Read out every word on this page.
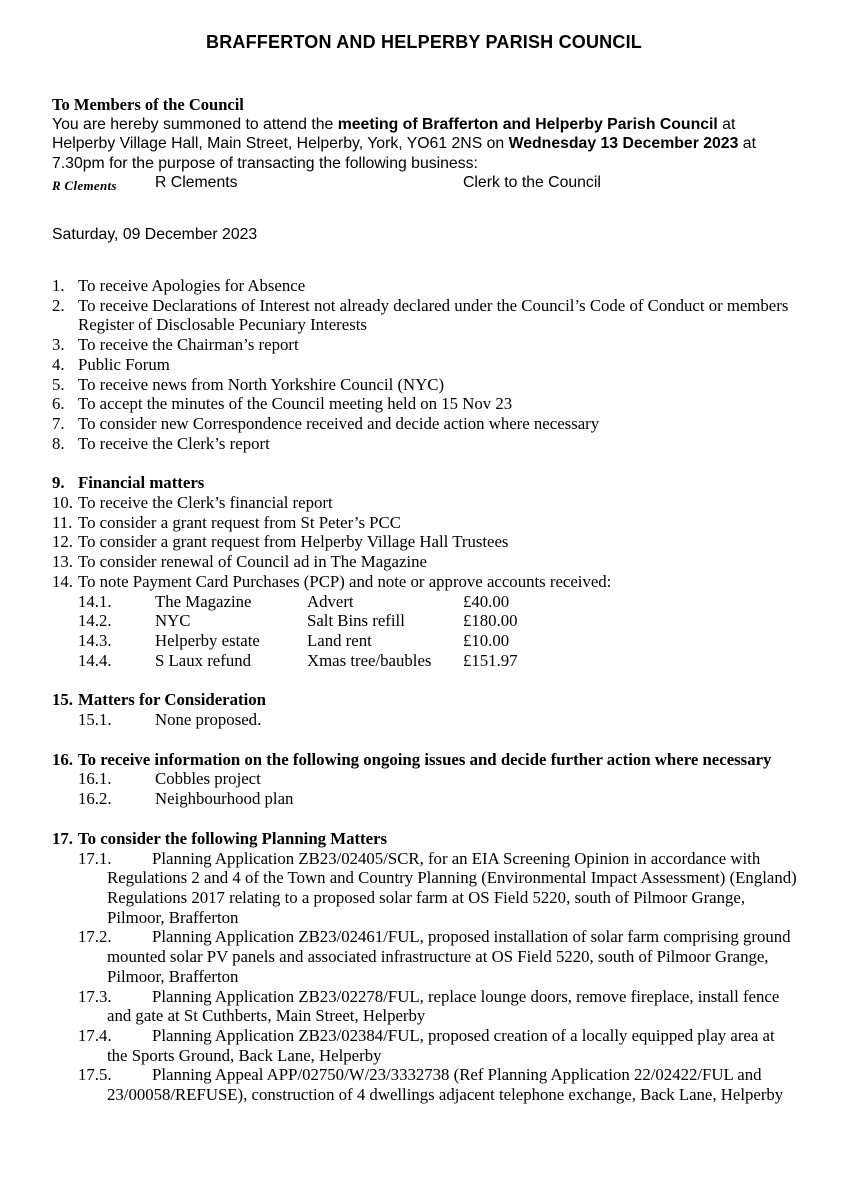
BRAFFERTON AND HELPERBY PARISH COUNCIL
To Members of the Council
You are hereby summoned to attend the meeting of Brafferton and Helperby Parish Council at Helperby Village Hall, Main Street, Helperby, York, YO61 2NS on Wednesday 13 December 2023 at 7.30pm for the purpose of transacting the following business:
R Clements R Clements	Clerk to the Council
Saturday, 09 December 2023
1. To receive Apologies for Absence
2. To receive Declarations of Interest not already declared under the Council’s Code of Conduct or members Register of Disclosable Pecuniary Interests
3. To receive the Chairman’s report
4. Public Forum
5. To receive news from North Yorkshire Council (NYC)
6. To accept the minutes of the Council meeting held on 15 Nov 23
7. To consider new Correspondence received and decide action where necessary
8. To receive the Clerk’s report
9. Financial matters
10. To receive the Clerk’s financial report
11. To consider a grant request from St Peter’s PCC
12. To consider a grant request from Helperby Village Hall Trustees
13. To consider renewal of Council ad in The Magazine
14. To note Payment Card Purchases (PCP) and note or approve accounts received:
14.1.	The Magazine	Advert	£40.00
14.2.	NYC	Salt Bins refill	£180.00
14.3.	Helperby estate	Land rent	£10.00
14.4.	S Laux refund	Xmas tree/baubles	£151.97
15. Matters for Consideration
15.1.	None proposed.
16. To receive information on the following ongoing issues and decide further action where necessary
16.1.	Cobbles project
16.2.	Neighbourhood plan
17. To consider the following Planning Matters
17.1. Planning Application ZB23/02405/SCR, for an EIA Screening Opinion in accordance with Regulations 2 and 4 of the Town and Country Planning (Environmental Impact Assessment) (England) Regulations 2017 relating to a proposed solar farm at OS Field 5220, south of Pilmoor Grange, Pilmoor, Brafferton
17.2. Planning Application ZB23/02461/FUL, proposed installation of solar farm comprising ground mounted solar PV panels and associated infrastructure at OS Field 5220, south of Pilmoor Grange, Pilmoor, Brafferton
17.3. Planning Application ZB23/02278/FUL, replace lounge doors, remove fireplace, install fence and gate at St Cuthberts, Main Street, Helperby
17.4. Planning Application ZB23/02384/FUL, proposed creation of a locally equipped play area at the Sports Ground, Back Lane, Helperby
17.5. Planning Appeal APP/02750/W/23/3332738 (Ref Planning Application 22/02422/FUL and 23/00058/REFUSE), construction of 4 dwellings adjacent telephone exchange, Back Lane, Helperby
